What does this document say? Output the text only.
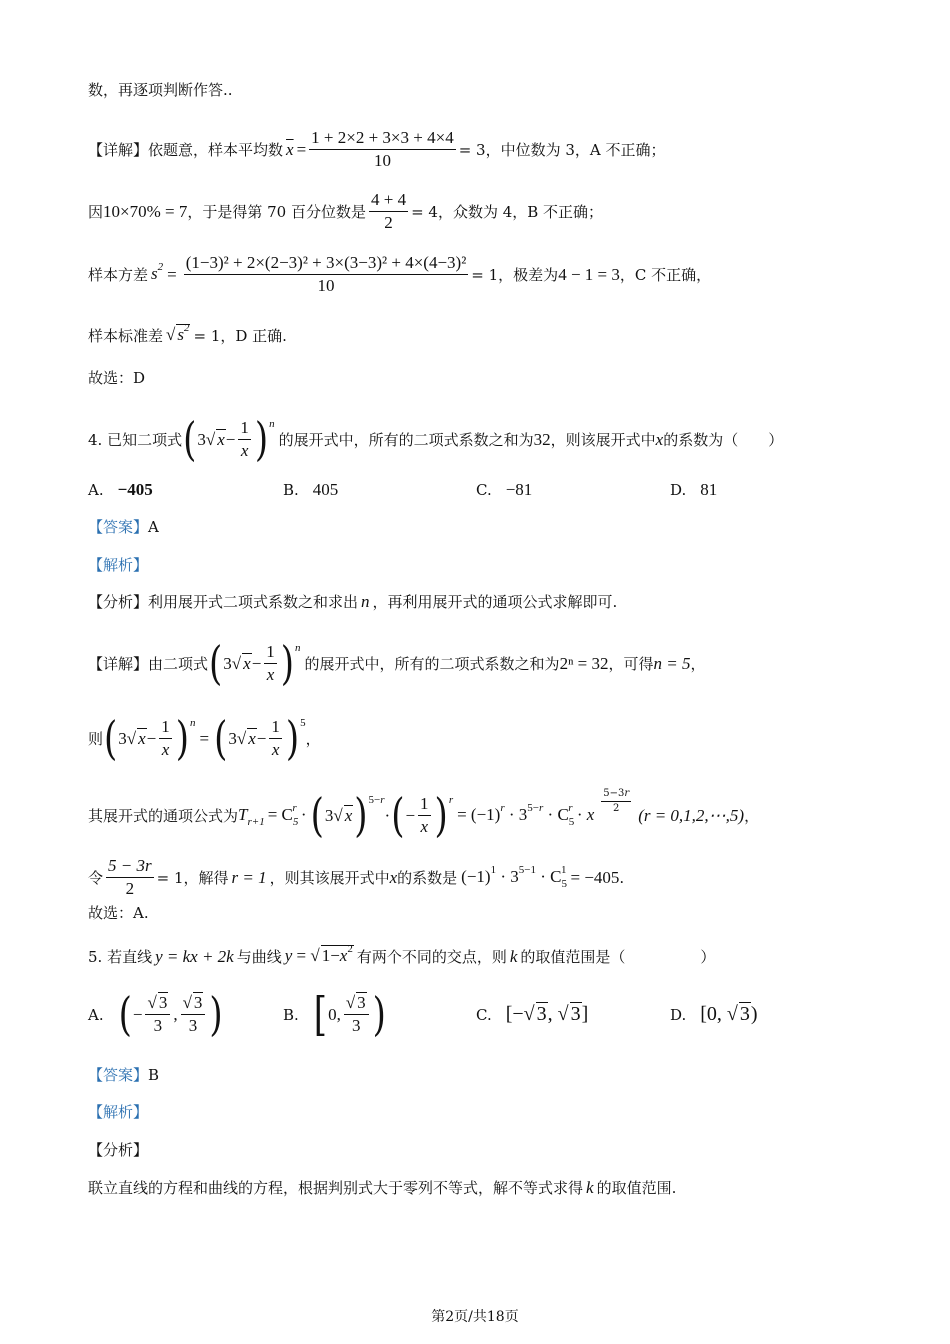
数，再逐项判断作答..
【详解】 依题意，样本平均数 $\overline{x} = \frac{1 + 2\times 2 + 3\times 3 + 4\times 4}{10} = 3$，中位数为 3，A 不正确；
因 10×70% = 7 ，于是得第 70 百分位数是 $\frac{4 + 4}{2} = 4$，众数为 4，B 不正确；
样本方差 $s^2 = \frac{\text{(1−3)² + 2×(2−3)² + 3×(3−3)² + 4×(4−3)²}}{10} = 1$，极差为 4 − 1 = 3 ，C 不正确，
样本标准差 √ $s^2 = 1$，D 正确.
故选：D
4. 已知二项式 ( 3√ $x- \frac{1}{x}$ ) n
的展开式中，所有的二项式系数之和为 32 ，则该展开式中 x 的系数为（　　）
A. −405	B. 405	C. −81	D. 81
【答案】 A
【解析】
【分析】 利用展开式二项式系数之和求出 n ，再利用展开式的通项公式求解即可.
【详解】 由二项式 ( 3√ $x- \frac{1}{x}$ ) n
的展开式中，所有的二项式系数之和为 2ⁿ = 32 ，可得 n = 5 ，
则 ( 3√ $x- \frac{1}{x}$ ) n
= ( 3√ $x- \frac{1}{x}$ ) 5
，
其展开式的通项公式为 $T_{r+1} = C_5^r$ · ( 3√ x ) 5−r
· ( − $\frac{1}{x}$ ) r
= $(-1)^r \cdot 3^{5-r} \cdot C_5^r \cdot x \frac{5-3r}{2} (r$ = 0,1,2,⋯,5) ，
令 $\frac{5 - 3r}{2} = 1$，解得 r = 1 ，则其该展开式中 x 的系数是 $(-1)^1 \cdot 3^{5-1} \cdot C_5^1 = -405$ .
故选：A.
5. 若直线 y = kx + 2k 与曲线 y = √ $1-x^2$ 有两个不同的交点，则 k 的取值范围是（　　　　　）
A. ( − $\frac{√ 3}{3}$ , $\frac{√ 3}{3}$ )	B. [ 0, $\frac{√ 3}{3}$ )	C. [−√ 3, √ 3]	D. [0, √ 3)
【答案】 B
【解析】
【分析】
联立直线的方程和曲线的方程，根据判别式大于零列不等式，解不等式求得 k 的取值范围.
第2页/共18页
